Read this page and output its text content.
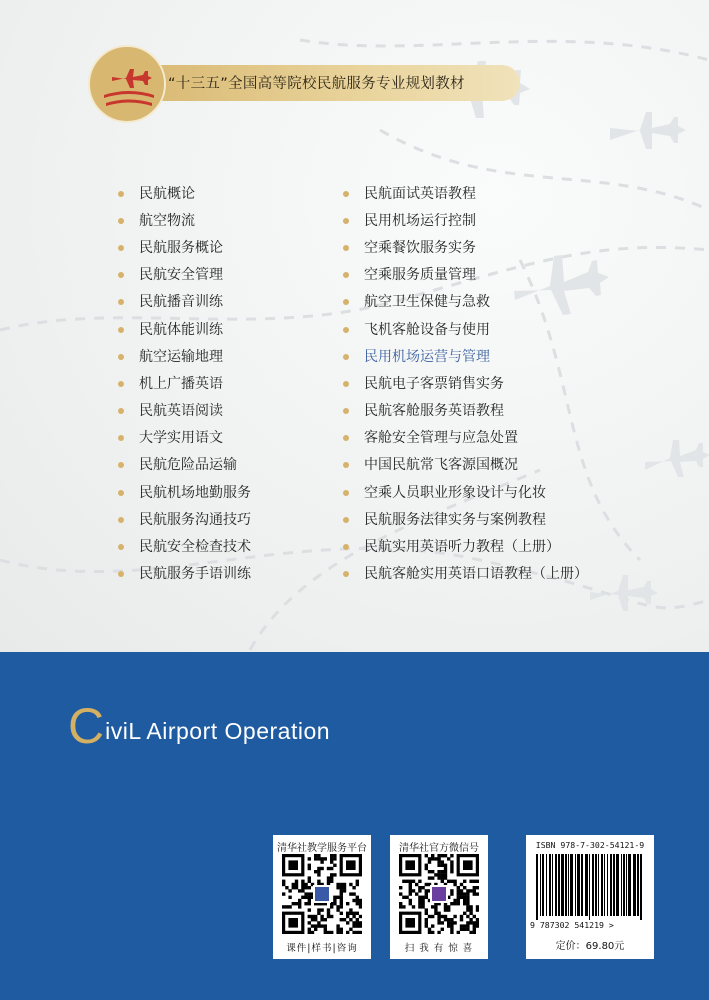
“十三五”全国高等院校民航服务专业规划教材
民航概论
航空物流
民航服务概论
民航安全管理
民航播音训练
民航体能训练
航空运输地理
机上广播英语
民航英语阅读
大学实用语文
民航危险品运输
民航机场地勤服务
民航服务沟通技巧
民航安全检查技术
民航服务手语训练
民航面试英语教程
民用机场运行控制
空乘餐饮服务实务
空乘服务质量管理
航空卫生保健与急救
飞机客舱设备与使用
民用机场运营与管理
民航电子客票销售实务
民航客舱服务英语教程
客舱安全管理与应急处置
中国民航常飞客源国概况
空乘人员职业形象设计与化妆
民航服务法律实务与案例教程
民航实用英语听力教程（上册）
民航客舱实用英语口语教程（上册）
CiviL Airport Operation
清华社教学服务平台
课件|样书|咨询
清华社官方微信号
扫 我 有 惊 喜
ISBN 978-7-302-54121-9
9 787302 541219 >
定价：69.80元
